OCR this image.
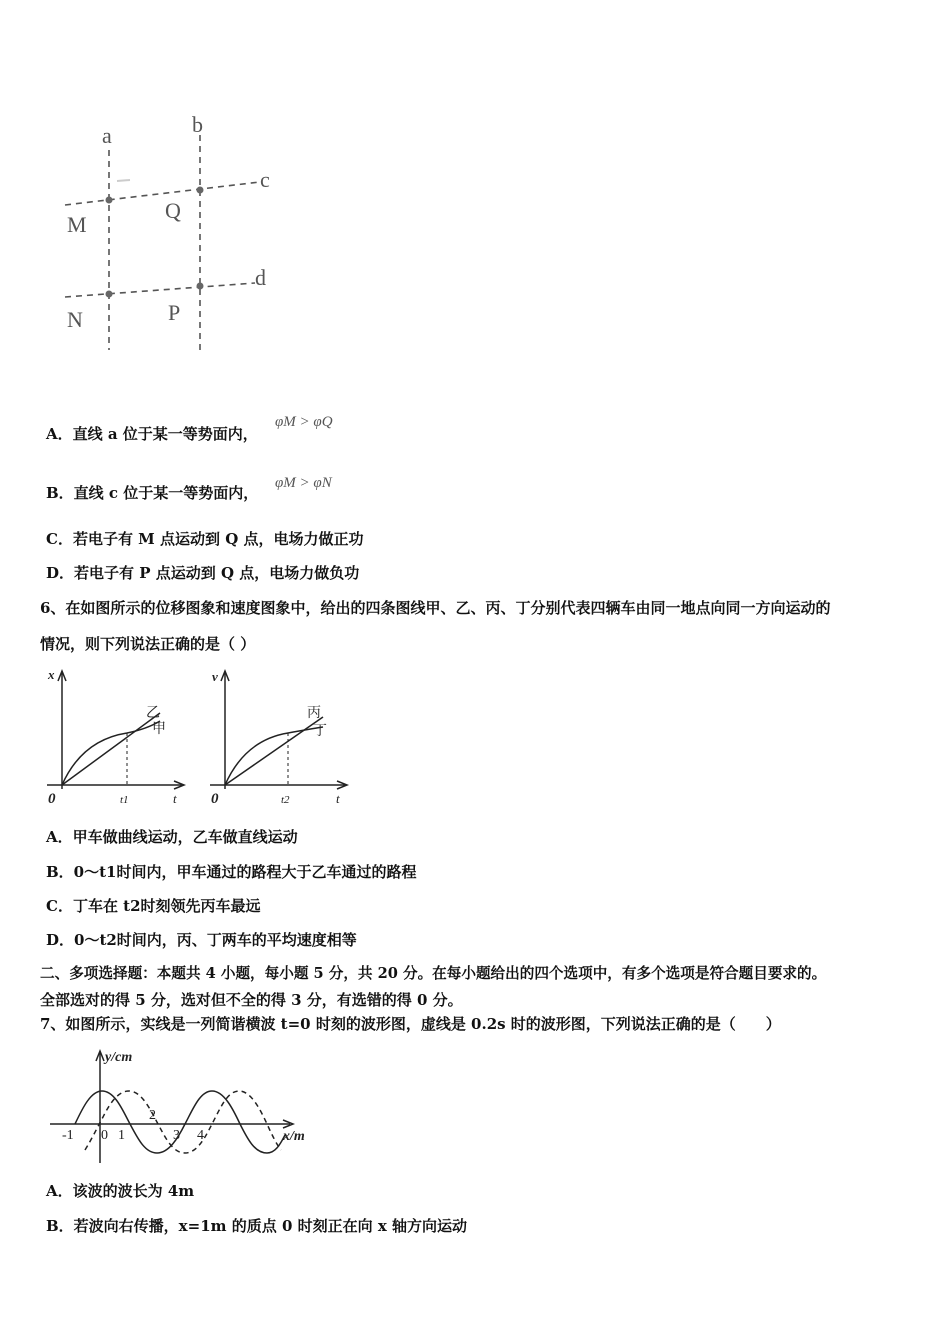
a	b
c
d
M
Q
N	P
A．直线 a 位于某一等势面内，
φM > φQ
B．直线 c 位于某一等势面内，
φM > φN
C．若电子有 M 点运动到 Q 点，电场力做正功
D．若电子有 P 点运动到 Q 点，电场力做负功
6、在如图所示的位移图象和速度图象中，给出的四条图线甲、乙、丙、丁分别代表四辆车由同一地点向同一方向运动的
情况，则下列说法正确的是（ ）
x
t
0	t1
乙
甲
v
t
0	t2
丙
丁
A．甲车做曲线运动，乙车做直线运动
B．0～t1时间内，甲车通过的路程大于乙车通过的路程
C．丁车在 t2时刻领先丙车最远
D．0～t2时间内，丙、丁两车的平均速度相等
二、多项选择题：本题共 4 小题，每小题 5 分，共 20 分。在每小题给出的四个选项中，有多个选项是符合题目要求的。
全部选对的得 5 分，选对但不全的得 3 分，有选错的得 0 分。
7、如图所示，实线是一列简谐横波 t=0 时刻的波形图，虚线是 0.2s 时的波形图，下列说法正确的是（　　）
y/cm
x/m
-1 0 1
2
3 4
A．该波的波长为 4m
B．若波向右传播，x=1m 的质点 0 时刻正在向 x 轴方向运动
